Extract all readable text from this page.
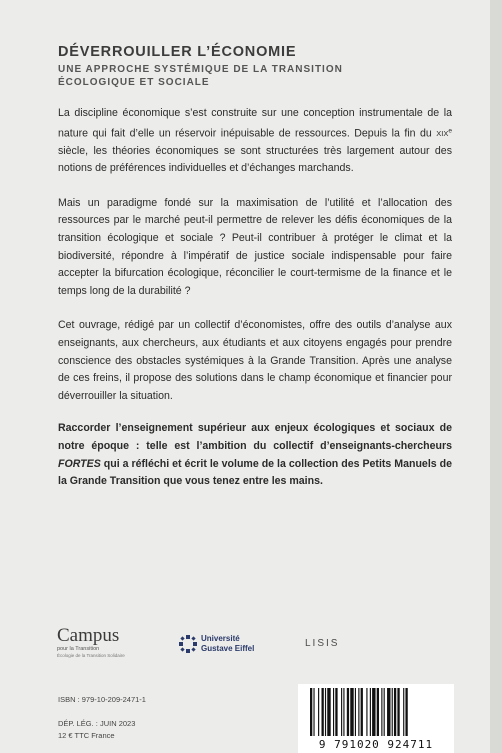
DÉVERROUILLER L’ÉCONOMIE
UNE APPROCHE SYSTÉMIQUE DE LA TRANSITION
ÉCOLOGIQUE ET SOCIALE

La discipline économique s’est construite sur une conception instrumentale de la nature qui fait d’elle un réservoir inépuisable de ressources. Depuis la fin du XIXe siècle, les théories économiques se sont structurées très largement autour des notions de préférences individuelles et d’échanges marchands.

Mais un paradigme fondé sur la maximisation de l’utilité et l’allocation des ressources par le marché peut-il permettre de relever les défis économiques de la transition écologique et sociale ? Peut-il contribuer à protéger le climat et la biodiversité, répondre à l’impératif de justice sociale indispensable pour faire accepter la bifurcation écologique, réconcilier le court-termisme de la finance et le temps long de la durabilité ?

Cet ouvrage, rédigé par un collectif d’économistes, offre des outils d’analyse aux enseignants, aux chercheurs, aux étudiants et aux citoyens engagés pour prendre conscience des obstacles systémiques à la Grande Transition. Après une analyse de ces freins, il propose des solutions dans le champ économique et financier pour déverrouiller la situation.

Raccorder l’enseignement supérieur aux enjeux écologiques et sociaux de notre époque : telle est l’ambition du collectif d’enseignants-chercheurs FORTES qui a réfléchi et écrit le volume de la collection des Petits Manuels de la Grande Transition que vous tenez entre les mains.

Campus
pour la Transition
Écologie de la Transition Solidaire
Université
Gustave Eiffel	LISIS
ISBN : 979-10-209-2471-1
DÉP. LÉG. : JUIN 2023
12 € TTC France
9 791020 924711
